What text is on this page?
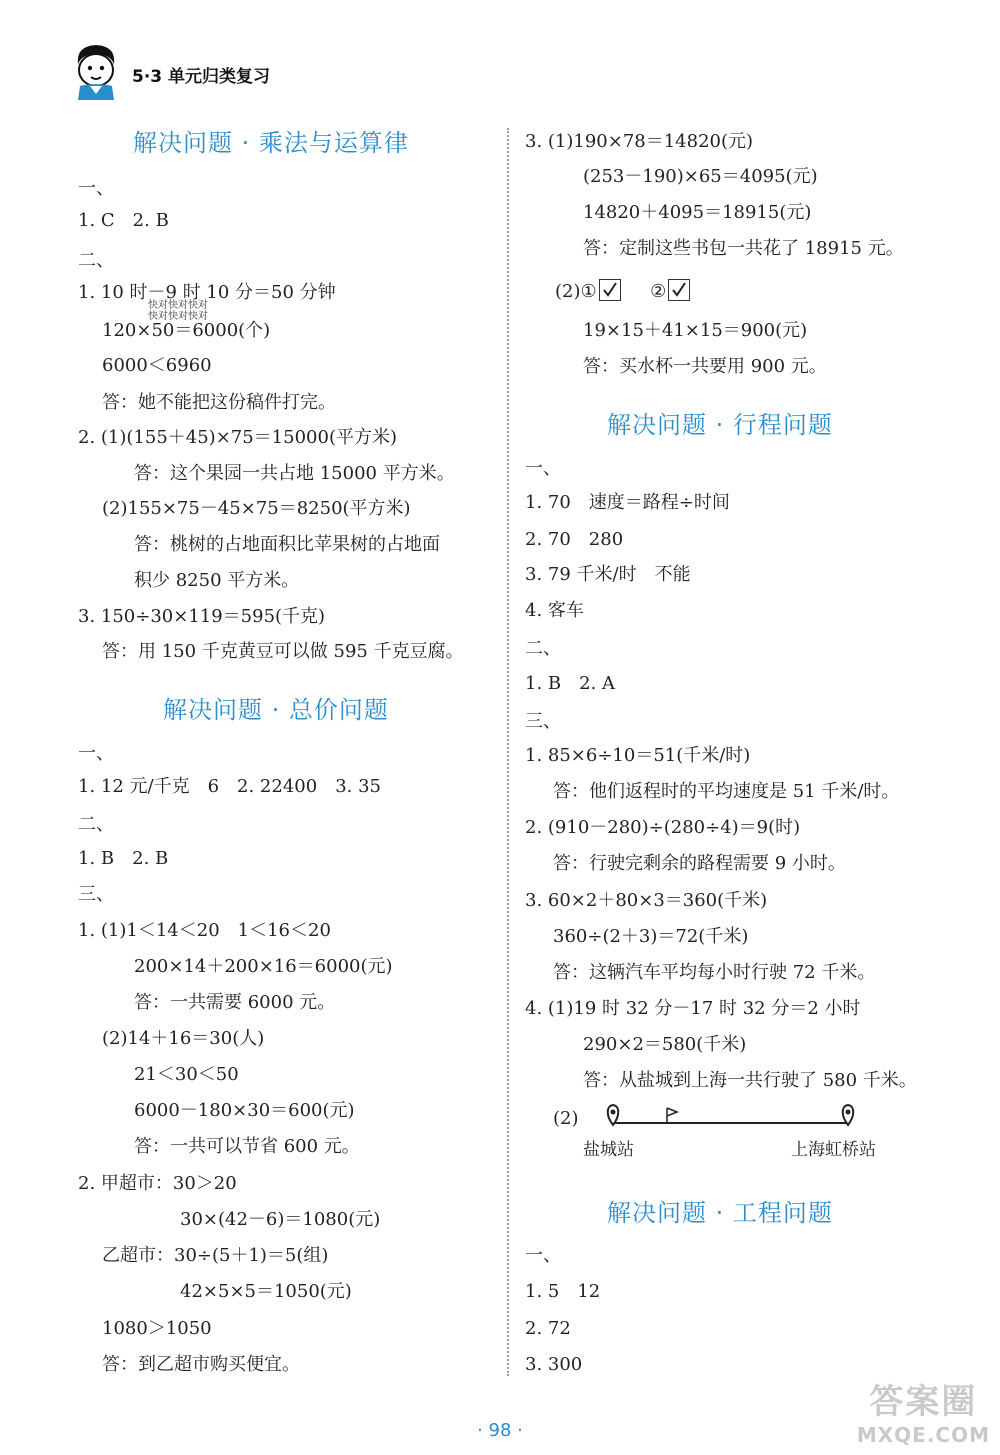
5·3 单元归类复习
解决问题 · 乘法与运算律
一、
1. C　2. B
二、
1. 10 时－9 时 10 分＝50 分钟
120×50＝6000(个)
6000＜6960
答：她不能把这份稿件打完。
2. (1)(155＋45)×75＝15000(平方米)
答：这个果园一共占地 15000 平方米。
(2)155×75－45×75＝8250(平方米)
答：桃树的占地面积比苹果树的占地面
积少 8250 平方米。
3. 150÷30×119＝595(千克)
答：用 150 千克黄豆可以做 595 千克豆腐。
解决问题 · 总价问题
一、
1. 12 元/千克　6　2. 22400　3. 35
二、
1. B　2. B
三、
1. (1)1＜14＜20　1＜16＜20
200×14＋200×16＝6000(元)
答：一共需要 6000 元。
(2)14＋16＝30(人)
21＜30＜50
6000－180×30＝600(元)
答：一共可以节省 600 元。
2. 甲超市：30＞20
30×(42－6)＝1080(元)
乙超市：30÷(5＋1)＝5(组)
42×5×5＝1050(元)
1080＞1050
答：到乙超市购买便宜。
快对快对快对
快对快对快对
3. (1)190×78＝14820(元)
(253－190)×65＝4095(元)
14820＋4095＝18915(元)
答：定制这些书包一共花了 18915 元。
(2)①	②
19×15＋41×15＝900(元)
答：买水杯一共要用 900 元。
解决问题 · 行程问题
一、
1. 70　速度＝路程÷时间
2. 70　280
3. 79 千米/时　不能
4. 客车
二、
1. B　2. A
三、
1. 85×6÷10＝51(千米/时)
答：他们返程时的平均速度是 51 千米/时。
2. (910－280)÷(280÷4)＝9(时)
答：行驶完剩余的路程需要 9 小时。
3. 60×2＋80×3＝360(千米)
360÷(2＋3)＝72(千米)
答：这辆汽车平均每小时行驶 72 千米。
4. (1)19 时 32 分－17 时 32 分＝2 小时
290×2＝580(千米)
答：从盐城到上海一共行驶了 580 千米。
(2)
盐城站	上海虹桥站
解决问题 · 工程问题
一、
1. 5　12
2. 72
3. 300
· 98 ·
答案圈
MXQE.COM
